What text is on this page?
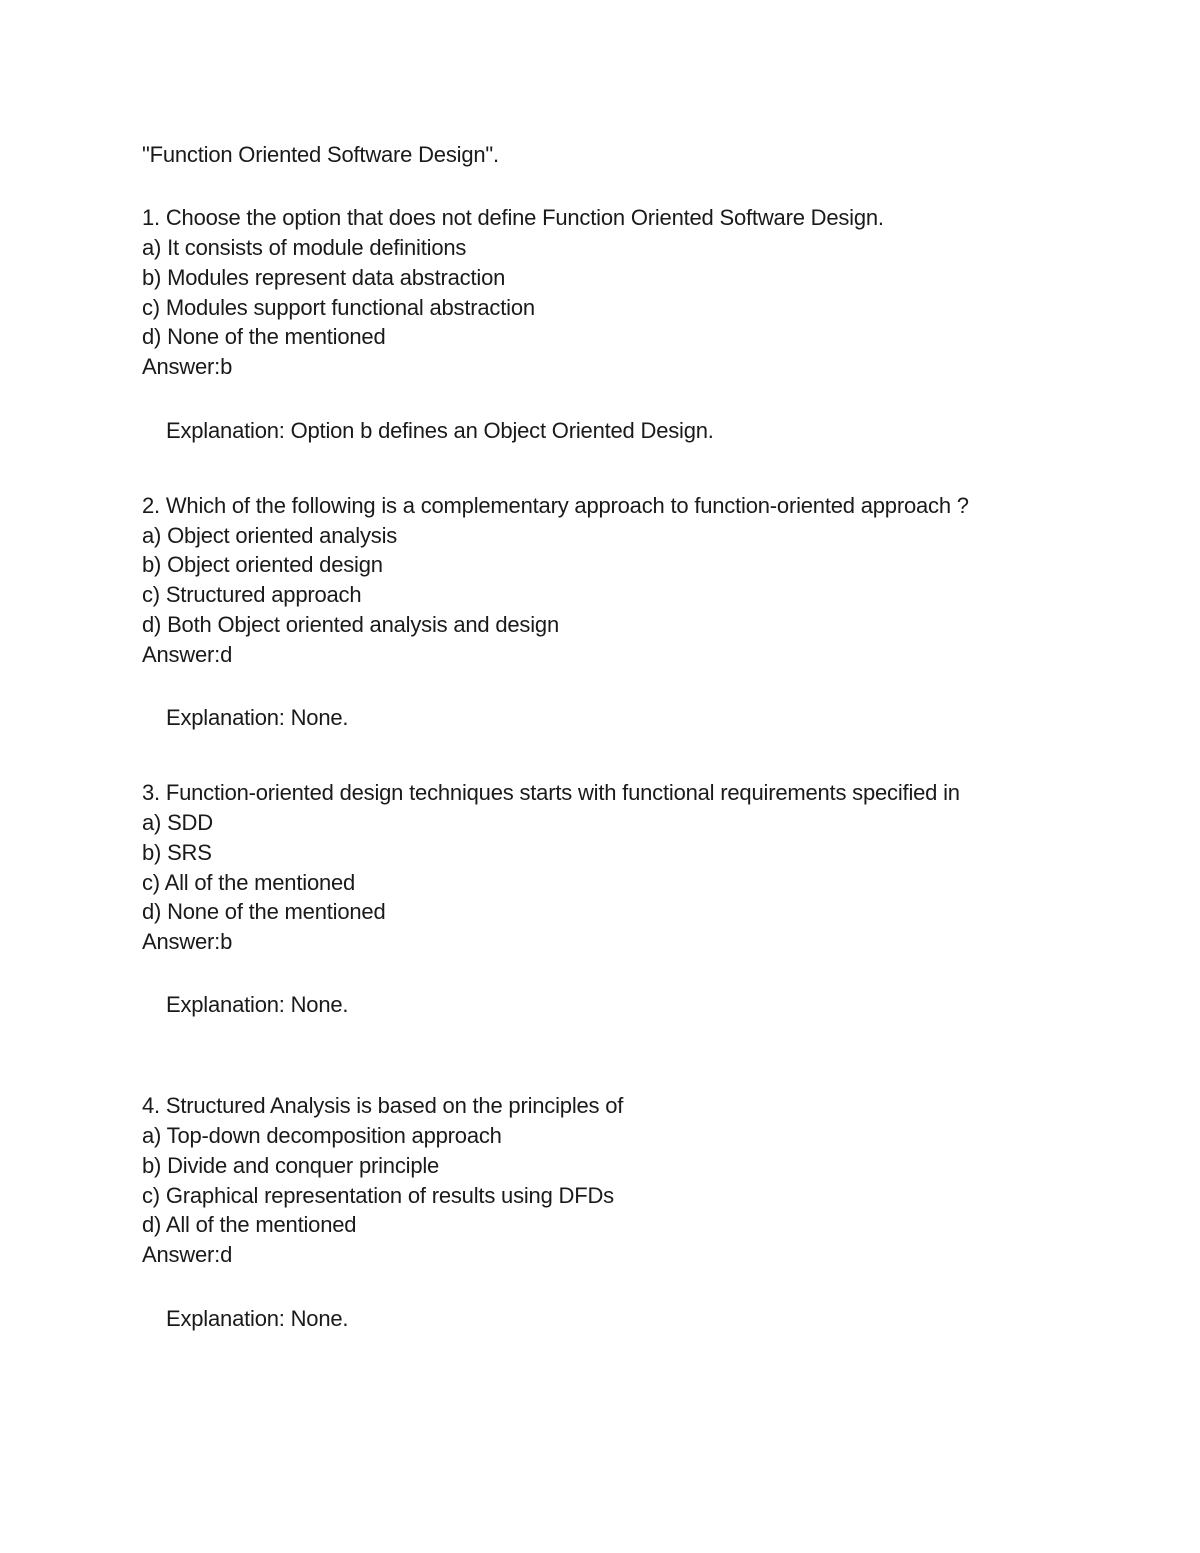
"Function Oriented Software Design".
1. Choose the option that does not define Function Oriented Software Design.
a) It consists of module definitions
b) Modules represent data abstraction
c) Modules support functional abstraction
d) None of the mentioned
Answer:b
Explanation: Option b defines an Object Oriented Design.
2. Which of the following is a complementary approach to function-oriented approach ?
a) Object oriented analysis
b) Object oriented design
c) Structured approach
d) Both Object oriented analysis and design
Answer:d
Explanation: None.
3. Function-oriented design techniques starts with functional requirements specified in
a) SDD
b) SRS
c) All of the mentioned
d) None of the mentioned
Answer:b
Explanation: None.
4. Structured Analysis is based on the principles of
a) Top-down decomposition approach
b) Divide and conquer principle
c) Graphical representation of results using DFDs
d) All of the mentioned
Answer:d
Explanation: None.
